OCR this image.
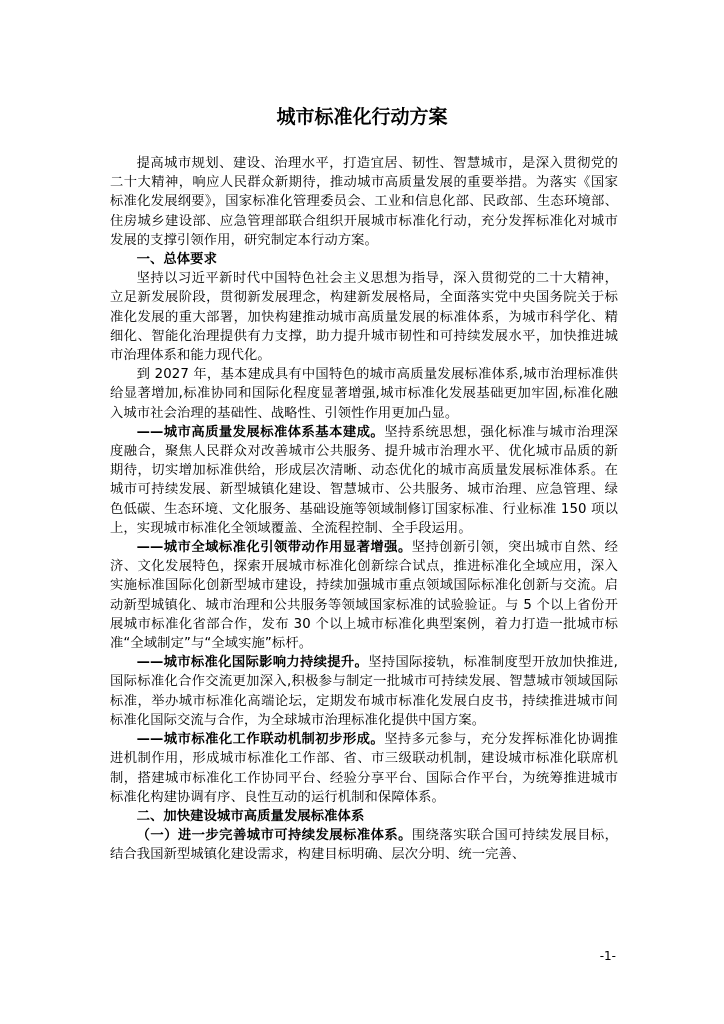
城市标准化行动方案

提高城市规划、建设、治理水平，打造宜居、韧性、智慧城市，是深入贯彻党的二十大精神，响应人民群众新期待，推动城市高质量发展的重要举措。为落实《国家标准化发展纲要》，国家标准化管理委员会、工业和信息化部、民政部、生态环境部、住房城乡建设部、应急管理部联合组织开展城市标准化行动，充分发挥标准化对城市发展的支撑引领作用，研究制定本行动方案。

一、总体要求

坚持以习近平新时代中国特色社会主义思想为指导，深入贯彻党的二十大精神，立足新发展阶段，贯彻新发展理念，构建新发展格局，全面落实党中央国务院关于标准化发展的重大部署，加快构建推动城市高质量发展的标准体系，为城市科学化、精细化、智能化治理提供有力支撑，助力提升城市韧性和可持续发展水平，加快推进城市治理体系和能力现代化。

到 2027 年，基本建成具有中国特色的城市高质量发展标准体系,城市治理标准供给显著增加,标准协同和国际化程度显著增强,城市标准化发展基础更加牢固,标准化融入城市社会治理的基础性、战略性、引领性作用更加凸显。

——城市高质量发展标准体系基本建成。坚持系统思想，强化标准与城市治理深度融合，聚焦人民群众对改善城市公共服务、提升城市治理水平、优化城市品质的新期待，切实增加标准供给，形成层次清晰、动态优化的城市高质量发展标准体系。在城市可持续发展、新型城镇化建设、智慧城市、公共服务、城市治理、应急管理、绿色低碳、生态环境、文化服务、基础设施等领域制修订国家标准、行业标准 150 项以上，实现城市标准化全领域覆盖、全流程控制、全手段运用。

——城市全域标准化引领带动作用显著增强。坚持创新引领，突出城市自然、经济、文化发展特色，探索开展城市标准化创新综合试点，推进标准化全域应用，深入实施标准国际化创新型城市建设，持续加强城市重点领域国际标准化创新与交流。启动新型城镇化、城市治理和公共服务等领域国家标准的试验验证。与 5 个以上省份开展城市标准化省部合作，发布 30 个以上城市标准化典型案例，着力打造一批城市标准“全域制定”与“全域实施”标杆。

——城市标准化国际影响力持续提升。坚持国际接轨，标准制度型开放加快推进,国际标准化合作交流更加深入,积极参与制定一批城市可持续发展、智慧城市领域国际标准，举办城市标准化高端论坛，定期发布城市标准化发展白皮书，持续推进城市间标准化国际交流与合作，为全球城市治理标准化提供中国方案。

——城市标准化工作联动机制初步形成。坚持多元参与，充分发挥标准化协调推进机制作用，形成城市标准化工作部、省、市三级联动机制，建设城市标准化联席机制，搭建城市标准化工作协同平台、经验分享平台、国际合作平台，为统筹推进城市标准化构建协调有序、良性互动的运行机制和保障体系。

二、加快建设城市高质量发展标准体系

（一）进一步完善城市可持续发展标准体系。围绕落实联合国可持续发展目标，结合我国新型城镇化建设需求，构建目标明确、层次分明、统一完善、

-1-
